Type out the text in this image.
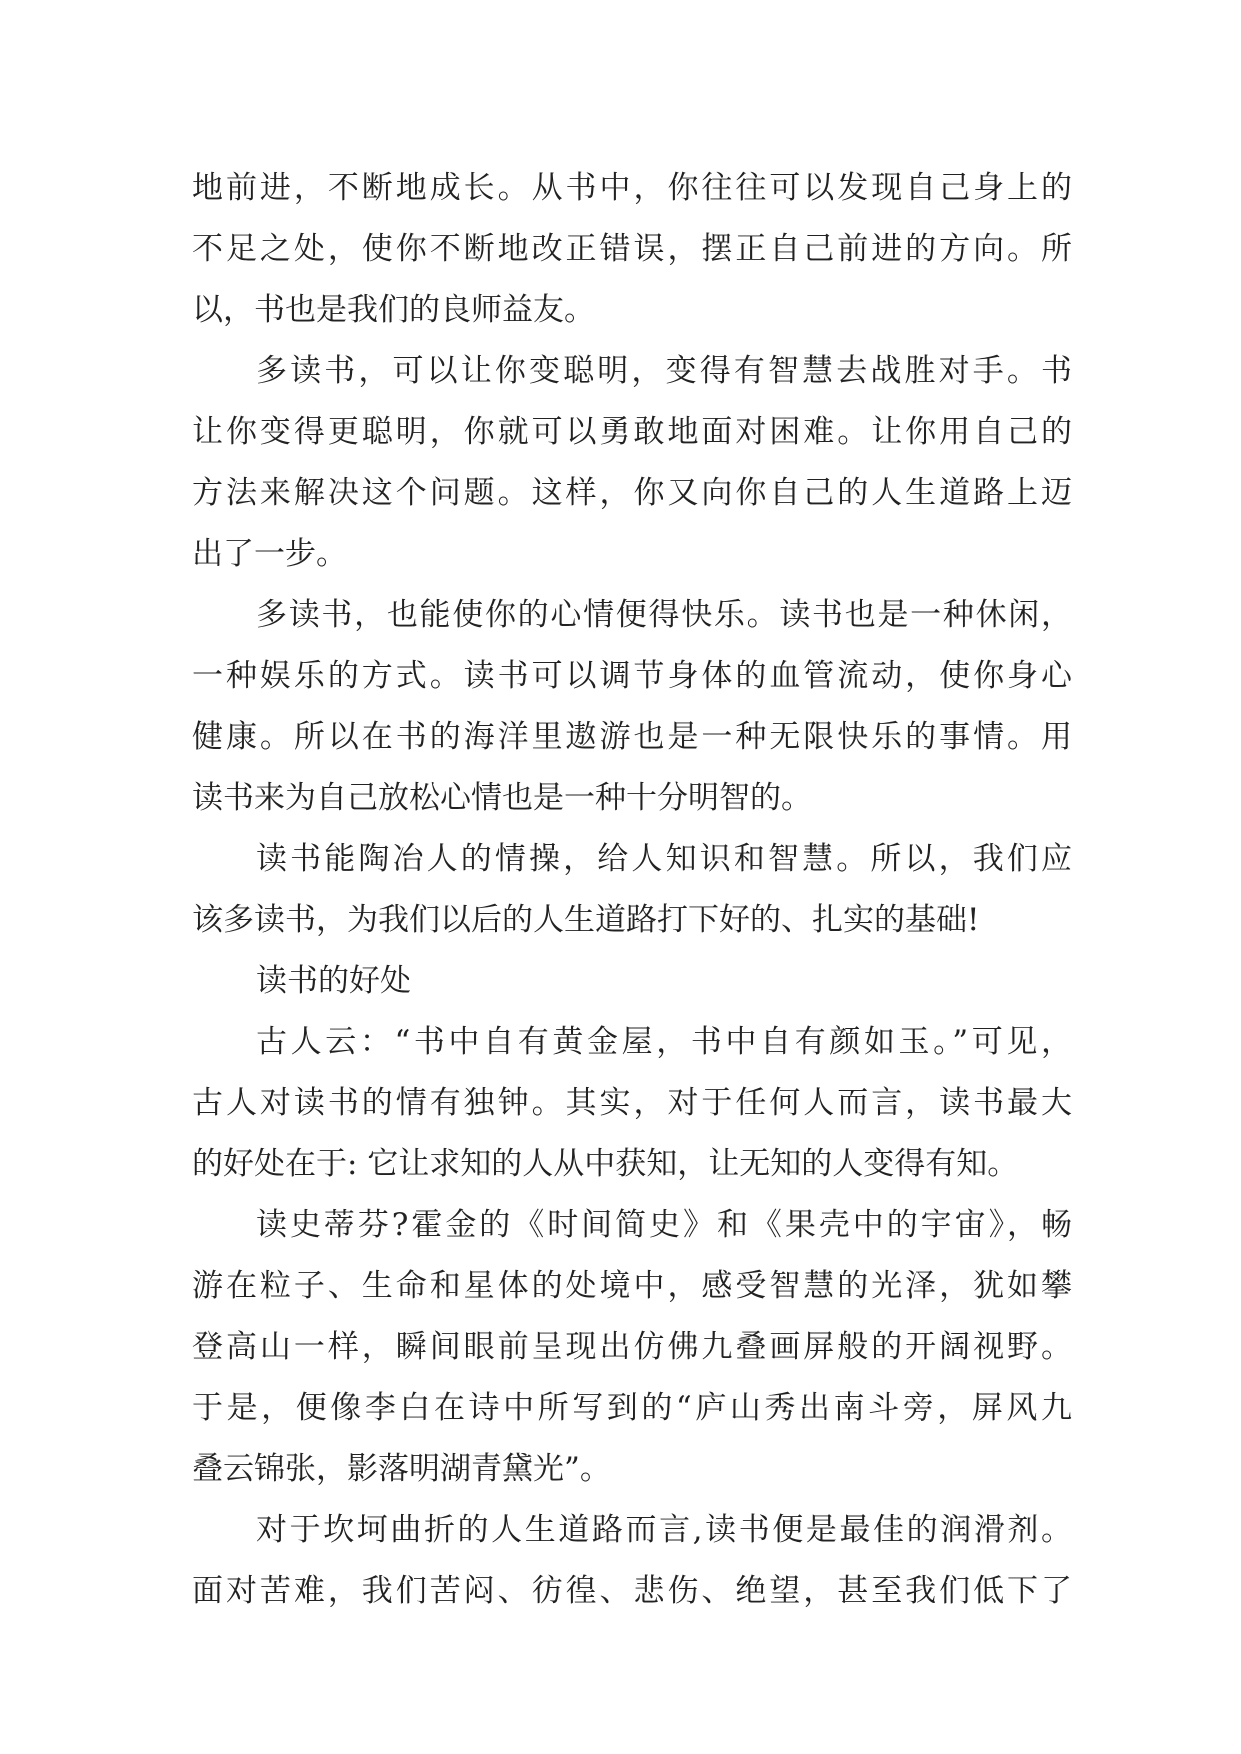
地前进，不断地成长。从书中，你往往可以发现自己身上的
不足之处，使你不断地改正错误，摆正自己前进的方向。所
以，书也是我们的良师益友。
多读书，可以让你变聪明，变得有智慧去战胜对手。书
让你变得更聪明，你就可以勇敢地面对困难。让你用自己的
方法来解决这个问题。这样，你又向你自己的人生道路上迈
出了一步。
多读书，也能使你的心情便得快乐。读书也是一种休闲，
一种娱乐的方式。读书可以调节身体的血管流动，使你身心
健康。所以在书的海洋里遨游也是一种无限快乐的事情。用
读书来为自己放松心情也是一种十分明智的。
读书能陶冶人的情操，给人知识和智慧。所以，我们应
该多读书，为我们以后的人生道路打下好的、扎实的基础!
读书的好处
古人云：“书中自有黄金屋，书中自有颜如玉。”可见，
古人对读书的情有独钟。其实，对于任何人而言，读书最大
的好处在于: 它让求知的人从中获知，让无知的人变得有知。
读史蒂芬?霍金的《时间简史》和《果壳中的宇宙》，畅
游在粒子、生命和星体的处境中，感受智慧的光泽，犹如攀
登高山一样，瞬间眼前呈现出仿佛九叠画屏般的开阔视野。
于是，便像李白在诗中所写到的“庐山秀出南斗旁，屏风九
叠云锦张，影落明湖青黛光”。
对于坎坷曲折的人生道路而言,读书便是最佳的润滑剂。
面对苦难，我们苦闷、彷徨、悲伤、绝望，甚至我们低下了
